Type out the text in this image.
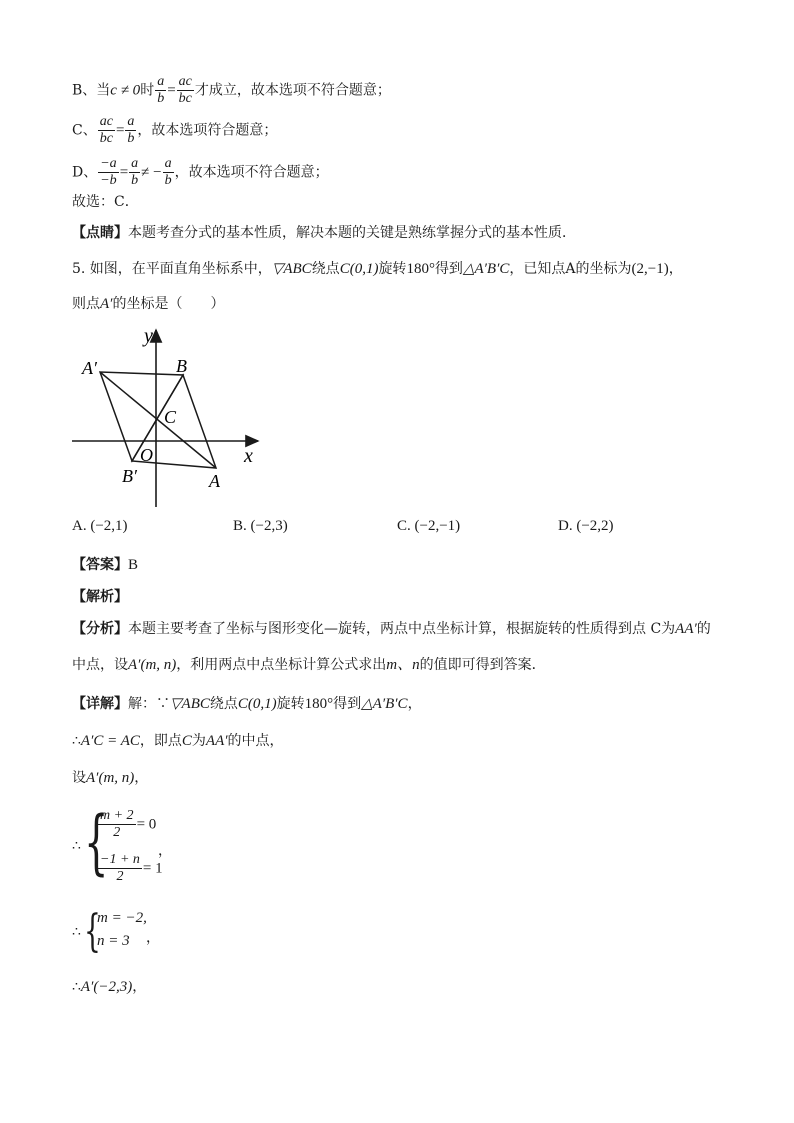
B、当c ≠ 0时 $\frac{a}{b} = \frac{ac}{bc}$ 才成立，故本选项不符合题意；
C、 $\frac{ac}{bc} = \frac{a}{b}$ ，故本选项符合题意；
D、 $\frac{-a}{-b} = \frac{a}{b}$ ≠ − $\frac{a}{b}$ ，故本选项不符合题意；
故选：C．
【点睛】本题考查分式的基本性质，解决本题的关键是熟练掌握分式的基本性质．
5. 如图，在平面直角坐标系中，▽ABC绕点C(0,1)旋转180°得到△A′B′C，已知点A的坐标为(2,−1)，
则点A′的坐标是（　　）
y
x
O
A′	B
C
B′	A
A. (−2,1)	B. (−2,3)	C. (−2,−1)	D. (−2,2)
【答案】B
【解析】
【分析】本题主要考查了坐标与图形变化—旋转，两点中点坐标计算，根据旋转的性质得到点 C为AA′的
中点，设A′(m, n)，利用两点中点坐标计算公式求出m、n的值即可得到答案．
【详解】解：∵▽ABC绕点C(0,1)旋转180°得到△A′B′C，
∴A′C = AC，即点C为AA′的中点，
设A′(m, n)，
∴ {
$\frac{m + 2}{2} = 0$
$\frac{-1 + n}{2} = 1$
，
∴ {
m = −2,
n = 3 ，
∴A′(−2,3)，
